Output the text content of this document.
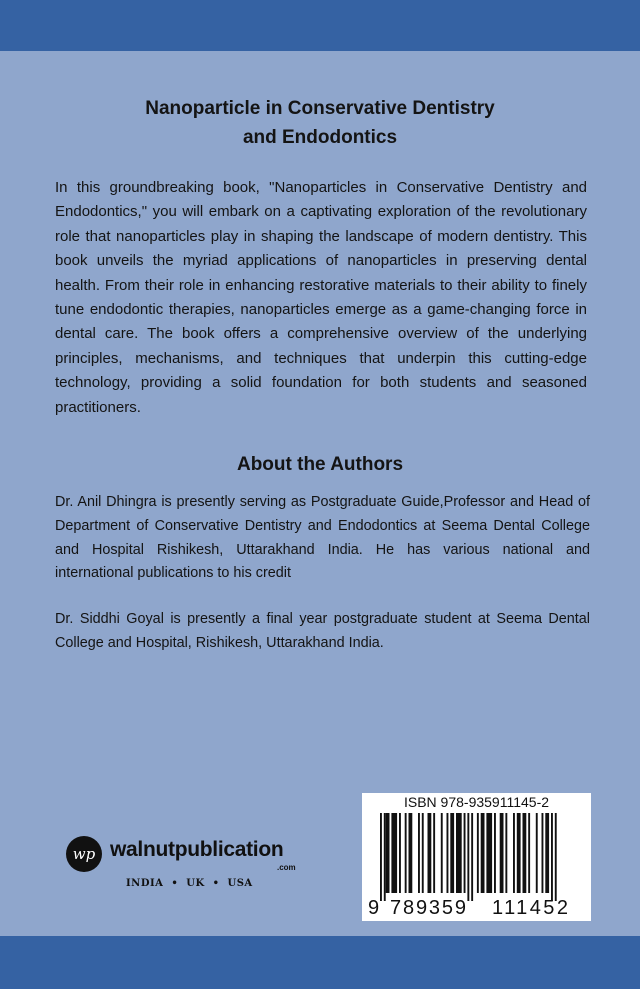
Nanoparticle in Conservative Dentistry
and Endodontics

In this groundbreaking book, "Nanoparticles in Conservative Dentistry and Endodontics," you will embark on a captivating exploration of the revolutionary role that nanoparticles play in shaping the landscape of modern dentistry. This book unveils the myriad applications of nanoparticles in preserving dental health. From their role in enhancing restorative materials to their ability to finely tune endodontic therapies, nanoparticles emerge as a game-changing force in dental care. The book offers a comprehensive overview of the underlying principles, mechanisms, and techniques that underpin this cutting-edge technology, providing a solid foundation for both students and seasoned practitioners.

About the Authors

Dr. Anil Dhingra is presently serving as Postgraduate Guide,Professor and Head of Department of Conservative Dentistry and Endodontics at Seema Dental College and Hospital Rishikesh, Uttarakhand India. He has various national and international publications to his credit

Dr. Siddhi Goyal is presently a final year postgraduate student at Seema Dental College and Hospital, Rishikesh, Uttarakhand India.

wp walnutpublication
.com
INDIA  •  UK  •  USA

ISBN 978-935911145-2

9 789359 111452
